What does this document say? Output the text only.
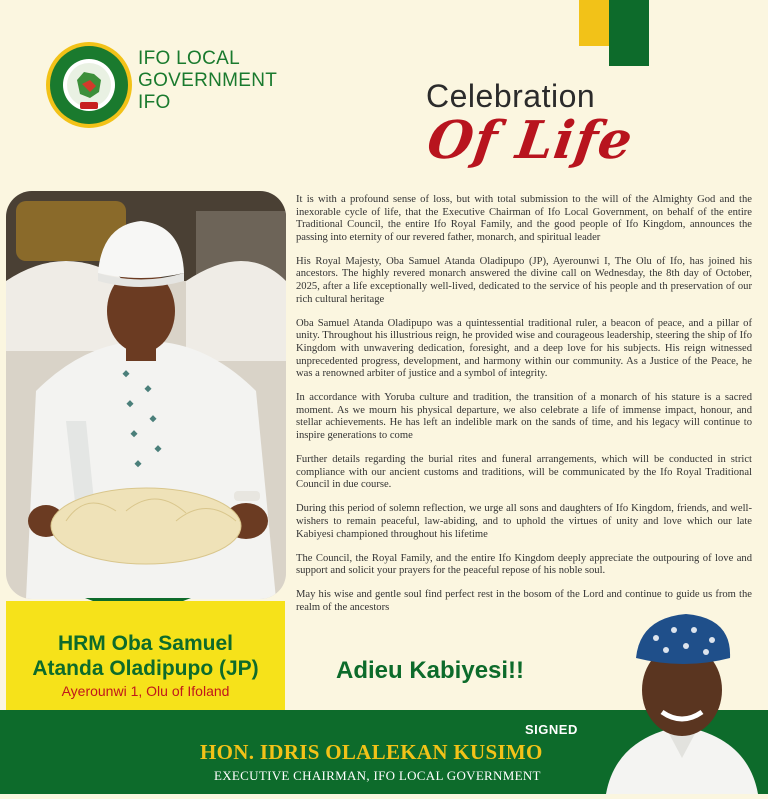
IFO LOCAL
GOVERNMENT
IFO	Celebration
Of Life
HRM Oba Samuel
Atanda Oladipupo (JP)
Ayerounwi 1, Olu of Ifoland

It is with a profound sense of loss, but with total submission to the will of the Almighty God and the inexorable cycle of life, that the Executive Chairman of Ifo Local Government, on behalf of the entire Traditional Council, the entire Ifo Royal Family, and the good people of Ifo Kingdom, announces the passing into eternity of our revered father, monarch, and spiritual leader

His Royal Majesty, Oba Samuel Atanda Oladipupo (JP), Ayerounwi I, The Olu of Ifo, has joined his ancestors. The highly revered monarch answered the divine call on Wednesday, the 8th day of October, 2025, after a life exceptionally well-lived, dedicated to the service of his people and th preservation of our rich cultural heritage

Oba Samuel Atanda Oladipupo was a quintessential traditional ruler, a beacon of peace, and a pillar of unity. Throughout his illustrious reign, he provided wise and courageous leadership, steering the ship of Ifo Kingdom with unwavering dedication, foresight, and a deep love for his subjects. His reign witnessed unprecedented progress, development, and harmony within our community. As a Justice of the Peace, he was a renowned arbiter of justice and a symbol of integrity.

In accordance with Yoruba culture and tradition, the transition of a monarch of his stature is a sacred moment. As we mourn his physical departure, we also celebrate a life of immense impact, honour, and stellar achievements. He has left an indelible mark on the sands of time, and his legacy will continue to inspire generations to come

Further details regarding the burial rites and funeral arrangements, which will be conducted in strict compliance with our ancient customs and traditions, will be communicated by the Ifo Royal Traditional Council in due course.

During this period of solemn reflection, we urge all sons and daughters of Ifo Kingdom, friends, and well-wishers to remain peaceful, law-abiding, and to uphold the virtues of unity and love which our late Kabiyesi championed throughout his lifetime

The Council, the Royal Family, and the entire Ifo Kingdom deeply appreciate the outpouring of love and support and solicit your prayers for the peaceful repose of his noble soul.

May his wise and gentle soul find perfect rest in the bosom of the Lord and continue to guide us from the realm of the ancestors

Adieu Kabiyesi!!
SIGNED
HON. IDRIS OLALEKAN KUSIMO
EXECUTIVE CHAIRMAN, IFO LOCAL GOVERNMENT
